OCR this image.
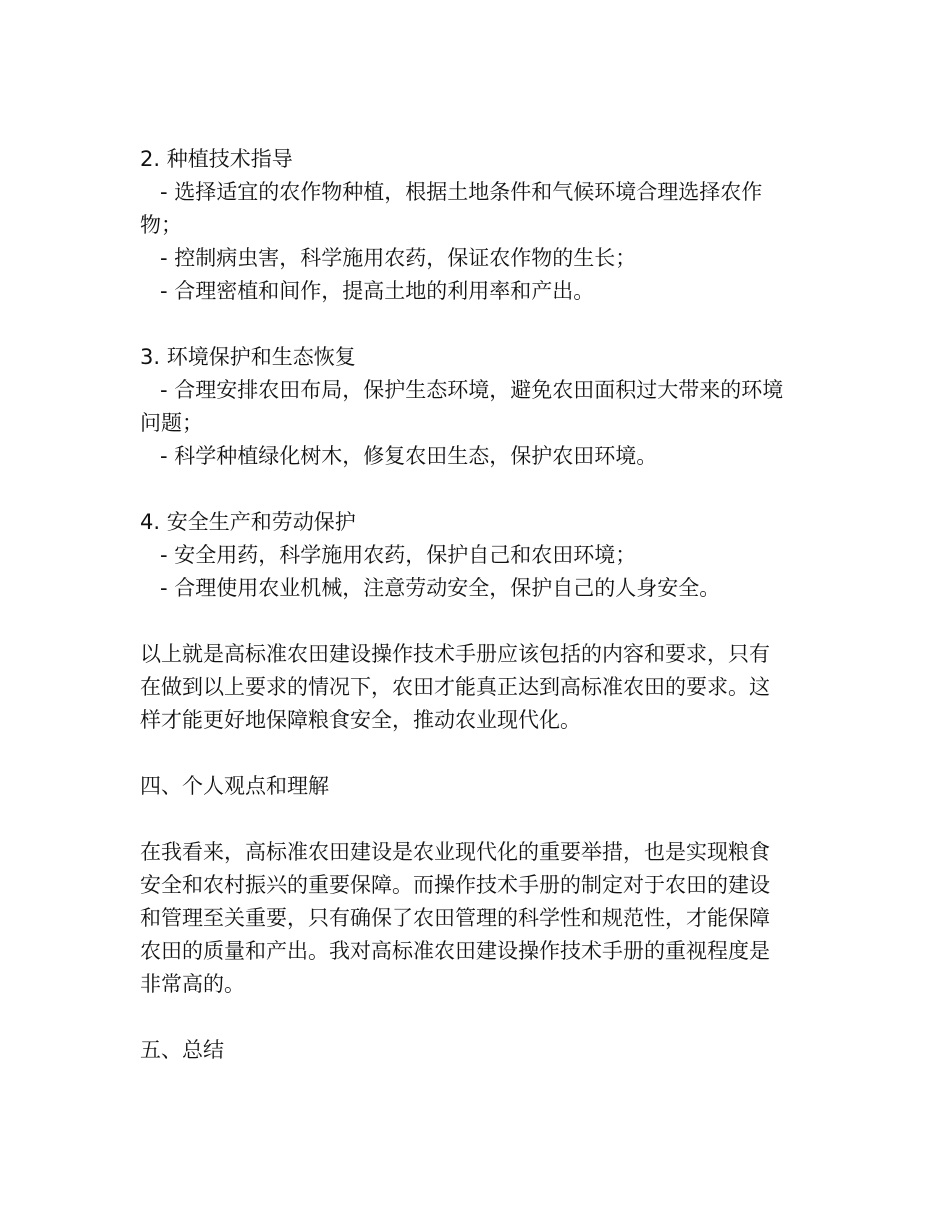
2. 种植技术指导

- 选择适宜的农作物种植，根据土地条件和气候环境合理选择农作

物；

- 控制病虫害，科学施用农药，保证农作物的生长；

- 合理密植和间作，提高土地的利用率和产出。

3. 环境保护和生态恢复

- 合理安排农田布局，保护生态环境，避免农田面积过大带来的环境

问题；

- 科学种植绿化树木，修复农田生态，保护农田环境。

4. 安全生产和劳动保护

- 安全用药，科学施用农药，保护自己和农田环境；

- 合理使用农业机械，注意劳动安全，保护自己的人身安全。

以上就是高标准农田建设操作技术手册应该包括的内容和要求，只有

在做到以上要求的情况下，农田才能真正达到高标准农田的要求。这

样才能更好地保障粮食安全，推动农业现代化。

四、个人观点和理解

在我看来，高标准农田建设是农业现代化的重要举措，也是实现粮食

安全和农村振兴的重要保障。而操作技术手册的制定对于农田的建设

和管理至关重要，只有确保了农田管理的科学性和规范性，才能保障

农田的质量和产出。我对高标准农田建设操作技术手册的重视程度是

非常高的。

五、总结
